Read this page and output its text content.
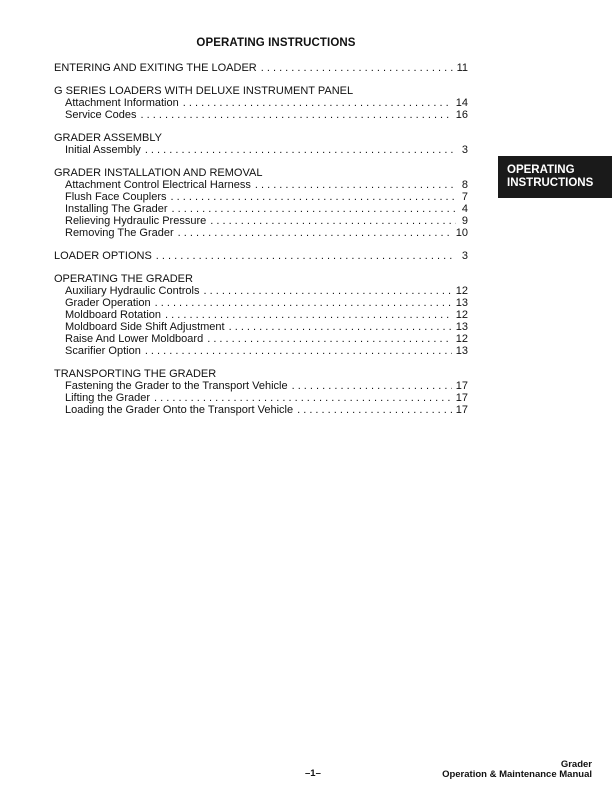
OPERATING INSTRUCTIONS
ENTERING AND EXITING THE LOADER . . .	11
G SERIES LOADERS WITH DELUXE INSTRUMENT PANEL
Attachment Information . . .	14
Service Codes . . .	16
GRADER ASSEMBLY
Initial Assembly . . .	3
GRADER INSTALLATION AND REMOVAL
Attachment Control Electrical Harness . . .	8
Flush Face Couplers . . .	7
Installing The Grader . . .	4
Relieving Hydraulic Pressure . . .	9
Removing The Grader . . .	10
LOADER OPTIONS . . .	3
OPERATING THE GRADER
Auxiliary Hydraulic Controls . . .	12
Grader Operation . . .	13
Moldboard Rotation . . .	12
Moldboard Side Shift Adjustment . . .	13
Raise And Lower Moldboard . . .	12
Scarifier Option . . .	13
TRANSPORTING THE GRADER
Fastening the Grader to the Transport Vehicle . . .	17
Lifting the Grader . . .	17
Loading the Grader Onto the Transport Vehicle . . .	17
OPERATING
INSTRUCTIONS
–1–
Grader
Operation & Maintenance Manual
